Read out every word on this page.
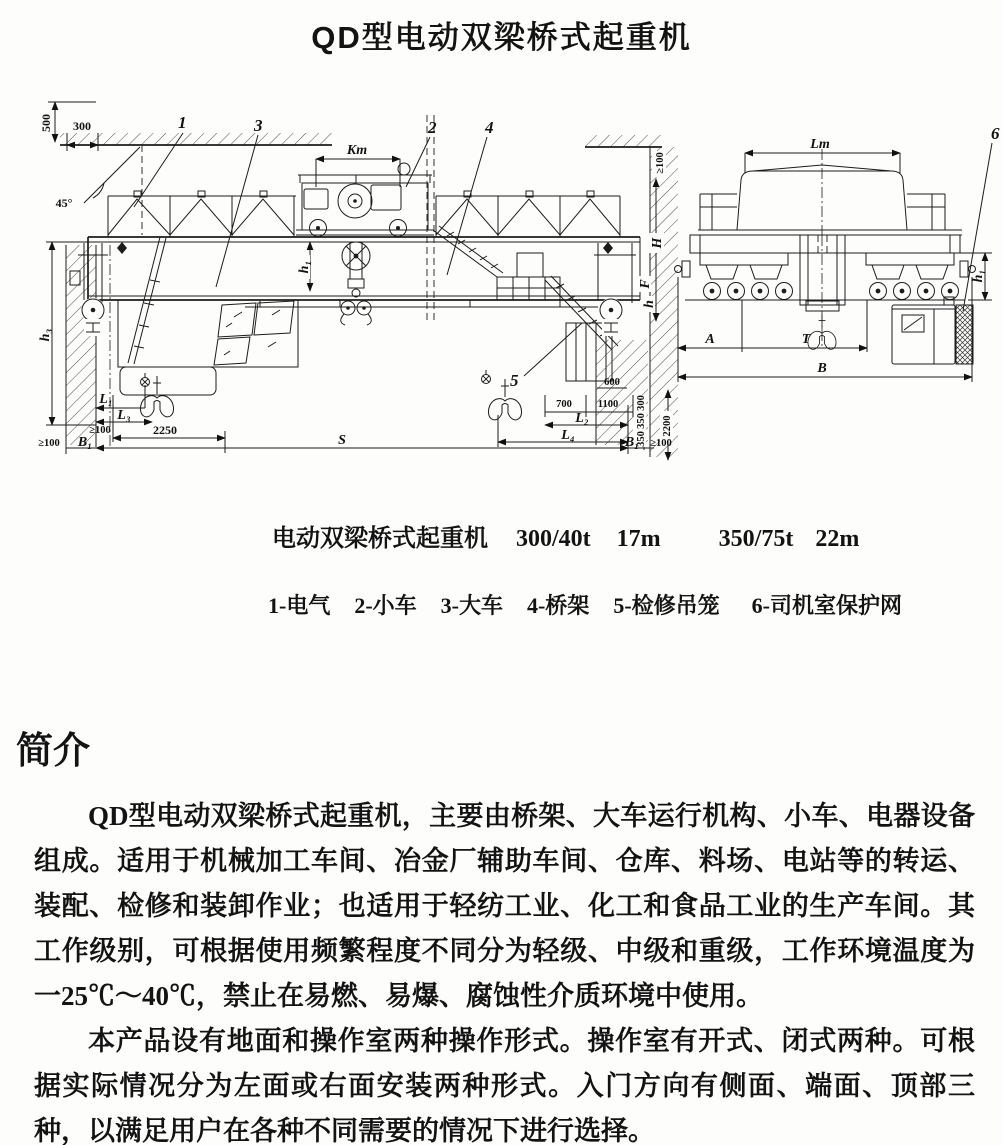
QD型电动双梁桥式起重机
500 300
45°
Kт
h₁
≥100
H
F
h
300
350
350
2200
h₃
L₁
L₃
≥100	2250
≥100 B₁	S
600
700 1100
L₂
L₄	B₁ ≥100
1	3	2	4
5
Lт
6
A	T
B
h₁
电动双梁桥式起重机 300/40t 17m 350/75t 22m
1-电气 2-小车 3-大车 4-桥架 5-检修吊笼 6-司机室保护网
简介

QD型电动双梁桥式起重机，主要由桥架、大车运行机构、小车、电器设备组成。适用于机械加工车间、冶金厂辅助车间、仓库、料场、电站等的转运、装配、检修和装卸作业；也适用于轻纺工业、化工和食品工业的生产车间。其工作级别，可根据使用频繁程度不同分为轻级、中级和重级，工作环境温度为一25℃～40℃，禁止在易燃、易爆、腐蚀性介质环境中使用。

本产品设有地面和操作室两种操作形式。操作室有开式、闭式两种。可根据实际情况分为左面或右面安装两种形式。入门方向有侧面、端面、顶部三种，以满足用户在各种不同需要的情况下进行选择。
